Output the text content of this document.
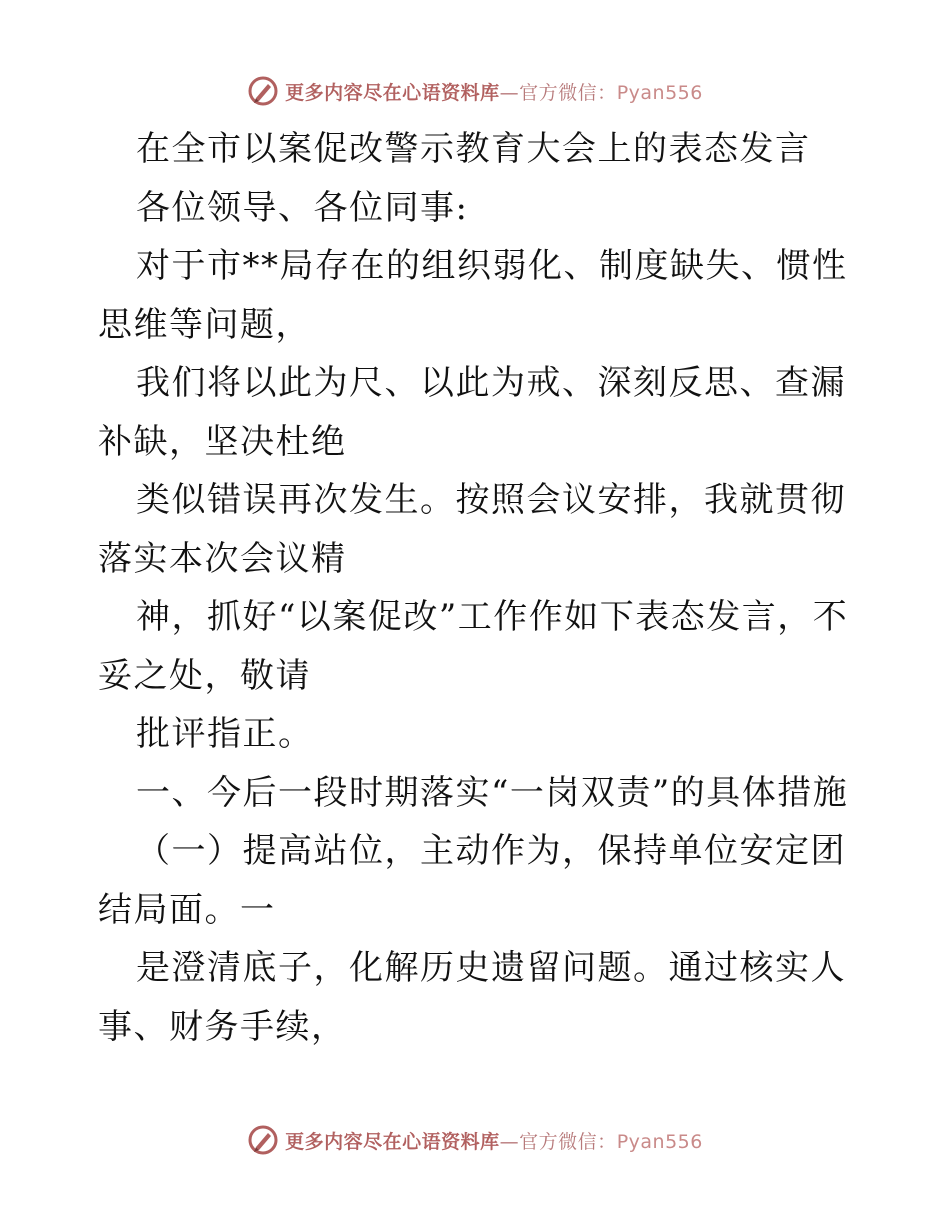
更多内容尽在心语资料库—官方微信：Pyan556

在全市以案促改警示教育大会上的表态发言

各位领导、各位同事:

对于市**局存在的组织弱化、制度缺失、惯性思维等问题，

我们将以此为尺、以此为戒、深刻反思、查漏补缺，坚决杜绝

类似错误再次发生。按照会议安排，我就贯彻落实本次会议精

神，抓好“以案促改”工作作如下表态发言，不妥之处，敬请

批评指正。

一、今后一段时期落实“一岗双责”的具体措施

（一）提高站位，主动作为，保持单位安定团结局面。一

是澄清底子，化解历史遗留问题。通过核实人事、财务手续，

更多内容尽在心语资料库—官方微信：Pyan556
